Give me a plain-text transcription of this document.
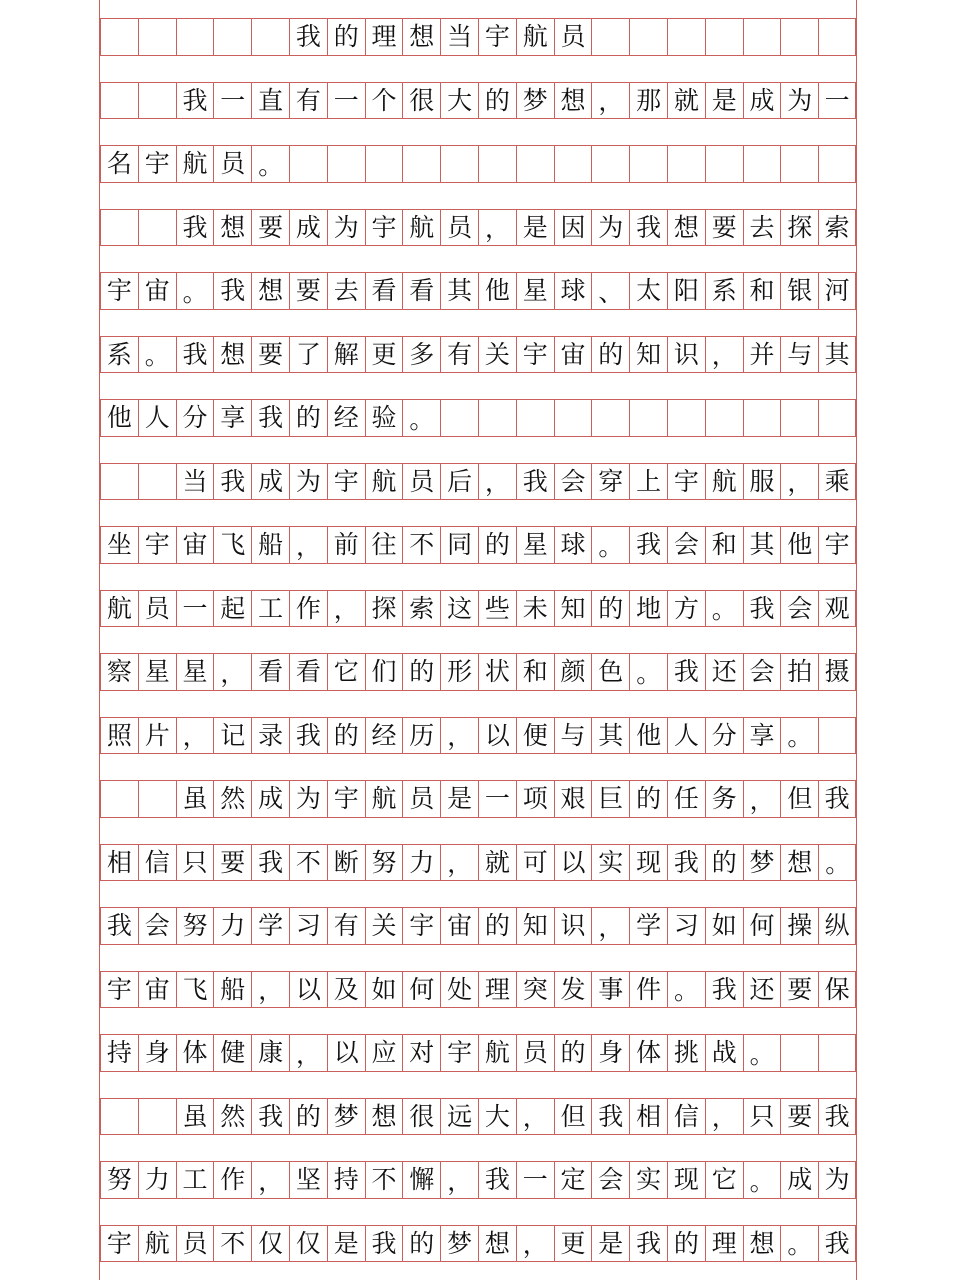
我 的 理 想 当 宇 航 员
我 一 直 有 一 个 很 大 的 梦 想 ， 那 就 是 成 为 一
名 宇 航 员 。
我 想 要 成 为 宇 航 员 ， 是 因 为 我 想 要 去 探 索
宇 宙 。 我 想 要 去 看 看 其 他 星 球 、 太 阳 系 和 银 河
系 。 我 想 要 了 解 更 多 有 关 宇 宙 的 知 识 ， 并 与 其
他 人 分 享 我 的 经 验 。
当 我 成 为 宇 航 员 后 ， 我 会 穿 上 宇 航 服 ， 乘
坐 宇 宙 飞 船 ， 前 往 不 同 的 星 球 。 我 会 和 其 他 宇
航 员 一 起 工 作 ， 探 索 这 些 未 知 的 地 方 。 我 会 观
察 星 星 ， 看 看 它 们 的 形 状 和 颜 色 。 我 还 会 拍 摄
照 片 ， 记 录 我 的 经 历 ， 以 便 与 其 他 人 分 享 。
虽 然 成 为 宇 航 员 是 一 项 艰 巨 的 任 务 ， 但 我
相 信 只 要 我 不 断 努 力 ， 就 可 以 实 现 我 的 梦 想 。
我 会 努 力 学 习 有 关 宇 宙 的 知 识 ， 学 习 如 何 操 纵
宇 宙 飞 船 ， 以 及 如 何 处 理 突 发 事 件 。 我 还 要 保
持 身 体 健 康 ， 以 应 对 宇 航 员 的 身 体 挑 战 。
虽 然 我 的 梦 想 很 远 大 ， 但 我 相 信 ， 只 要 我
努 力 工 作 ， 坚 持 不 懈 ， 我 一 定 会 实 现 它 。 成 为
宇 航 员 不 仅 仅 是 我 的 梦 想 ， 更 是 我 的 理 想 。 我
